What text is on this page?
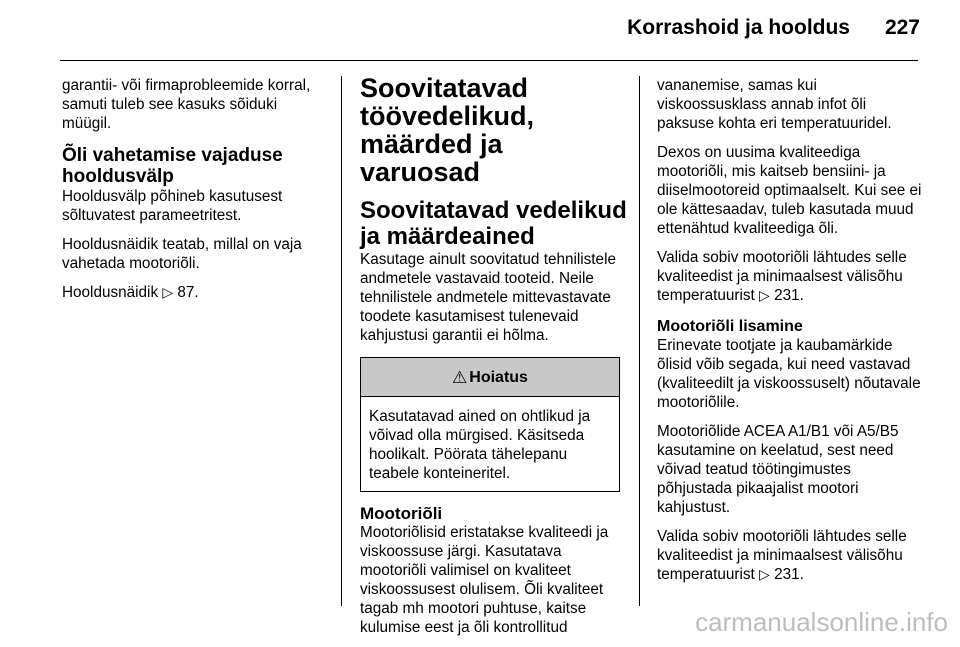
Korrashoid ja hooldus 227

garantii- või firmaprobleemide korral, samuti tuleb see kasuks sõiduki müügil.

Õli vahetamise vajaduse hooldusvälp

Hooldusvälp põhineb kasutusest sõltuvatest parameetritest.

Hooldusnäidik teatab, millal on vaja vahetada mootoriõli.

Hooldusnäidik ▷ 87.

Soovitatavad töövedelikud, määrded ja varuosad
Soovitatavad vedelikud ja määrdeained

Kasutage ainult soovitatud tehnilistele andmetele vastavaid tooteid. Neile tehnilistele andmetele mittevastavate toodete kasutamisest tulenevaid kahjustusi garantii ei hõlma.

⚠ Hoiatus
Kasutatavad ained on ohtlikud ja võivad olla mürgised. Käsitseda hoolikalt. Pöörata tähelepanu teabele konteineritel.
Mootoriõli

Mootoriõlisid eristatakse kvaliteedi ja viskoossuse järgi. Kasutatava mootoriõli valimisel on kvaliteet viskoossusest olulisem. Õli kvaliteet tagab mh mootori puhtuse, kaitse kulumise eest ja õli kontrollitud

vananemise, samas kui viskoossusklass annab infot õli paksuse kohta eri temperatuuridel.

Dexos on uusima kvaliteediga mootoriõli, mis kaitseb bensiini- ja diiselmootoreid optimaalselt. Kui see ei ole kättesaadav, tuleb kasutada muud ettenähtud kvaliteediga õli.

Valida sobiv mootoriõli lähtudes selle kvaliteedist ja minimaalsest välisõhu temperatuurist ▷ 231.

Mootoriõli lisamine

Erinevate tootjate ja kaubamärkide õlisid võib segada, kui need vastavad (kvaliteedilt ja viskoossuselt) nõutavale mootoriõlile.

Mootoriõlide ACEA A1/B1 või A5/B5 kasutamine on keelatud, sest need võivad teatud töötingimustes põhjustada pikaajalist mootori kahjustust.

Valida sobiv mootoriõli lähtudes selle kvaliteedist ja minimaalsest välisõhu temperatuurist ▷ 231.

carmanualsonline.info
